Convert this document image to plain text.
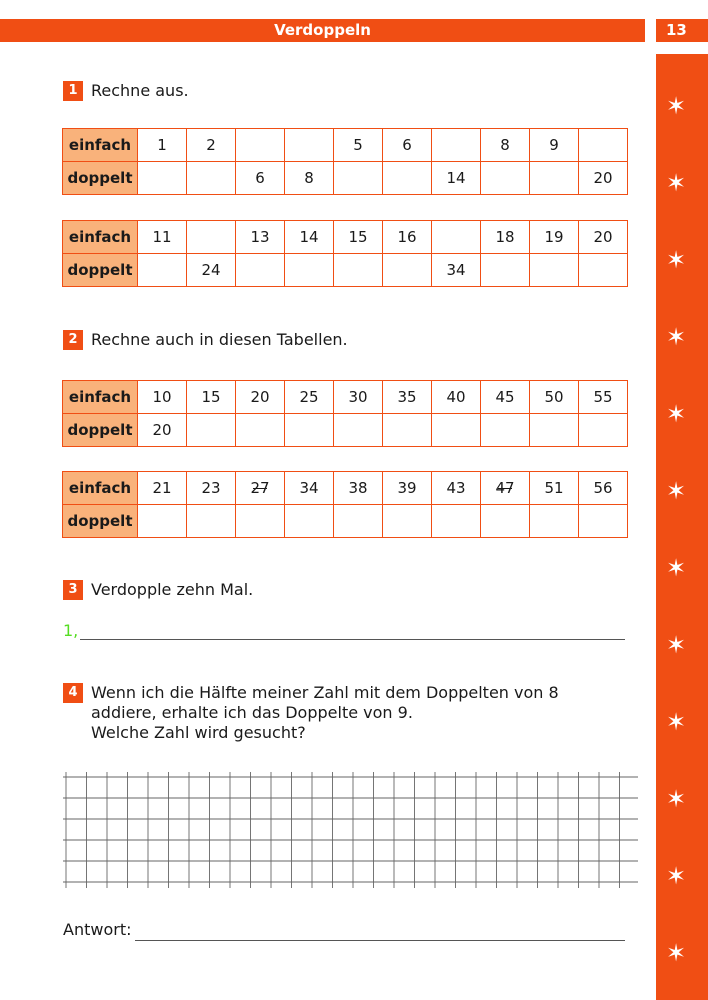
Verdoppeln	13
✶
✶
✶
✶
✶
✶
✶
✶
✶
✶
✶
✶
1 Rechne aus.
einfach	1	2			5	6		8	9	
doppelt			6	8			14			20
einfach	11		13	14	15	16		18	19	20
doppelt		24					34			
2 Rechne auch in diesen Tabellen.
einfach	10	15	20	25	30	35	40	45	50	55
doppelt	20									
einfach	21	23	27	34	38	39	43	47	51	56
doppelt										
3 Verdopple zehn Mal.
1,
4 Wenn ich die Hälfte meiner Zahl mit dem Doppelten von 8
addiere, erhalte ich das Doppelte von 9.
Welche Zahl wird gesucht?
Antwort:
